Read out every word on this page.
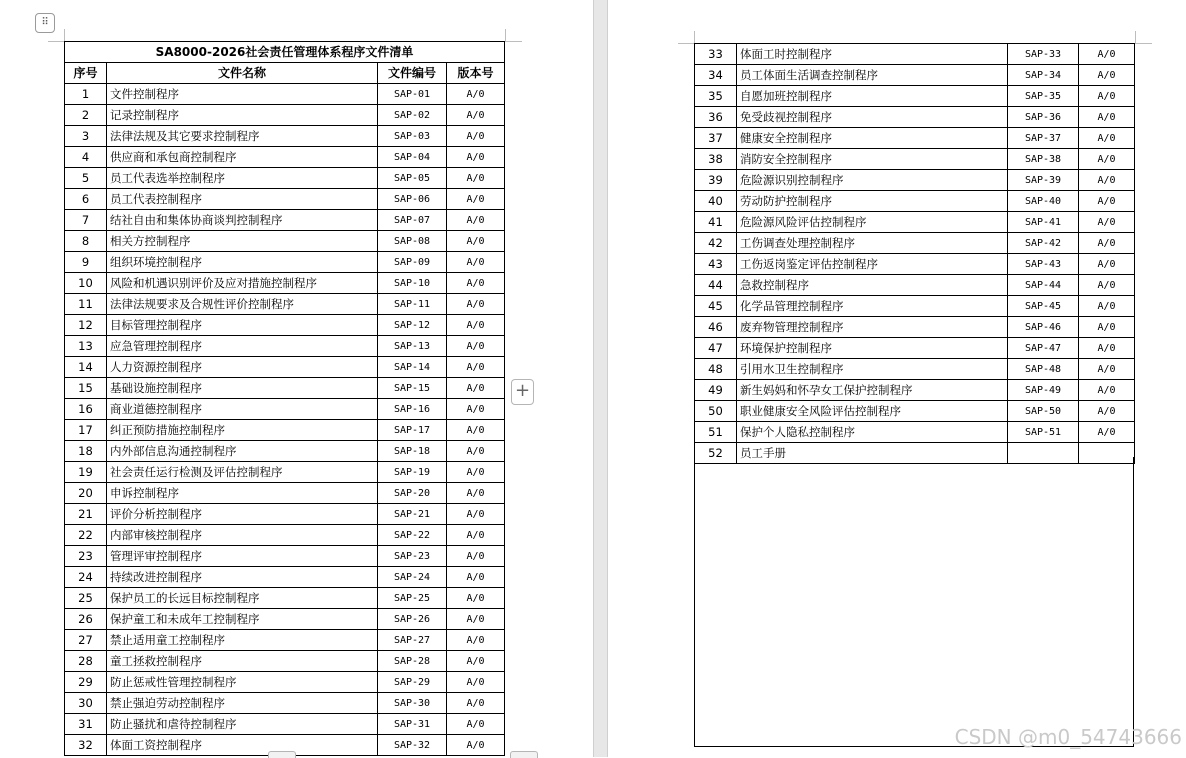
⠿
+
SA8000-2026社会责任管理体系程序文件清单			
序号	文件名称	文件编号	版本号
1	文件控制程序	SAP-01	A/0
2	记录控制程序	SAP-02	A/0
3	法律法规及其它要求控制程序	SAP-03	A/0
4	供应商和承包商控制程序	SAP-04	A/0
5	员工代表选举控制程序	SAP-05	A/0
6	员工代表控制程序	SAP-06	A/0
7	结社自由和集体协商谈判控制程序	SAP-07	A/0
8	相关方控制程序	SAP-08	A/0
9	组织环境控制程序	SAP-09	A/0
10	风险和机遇识别评价及应对措施控制程序	SAP-10	A/0
11	法律法规要求及合规性评价控制程序	SAP-11	A/0
12	目标管理控制程序	SAP-12	A/0
13	应急管理控制程序	SAP-13	A/0
14	人力资源控制程序	SAP-14	A/0
15	基础设施控制程序	SAP-15	A/0
16	商业道德控制程序	SAP-16	A/0
17	纠正预防措施控制程序	SAP-17	A/0
18	内外部信息沟通控制程序	SAP-18	A/0
19	社会责任运行检测及评估控制程序	SAP-19	A/0
20	申诉控制程序	SAP-20	A/0
21	评价分析控制程序	SAP-21	A/0
22	内部审核控制程序	SAP-22	A/0
23	管理评审控制程序	SAP-23	A/0
24	持续改进控制程序	SAP-24	A/0
25	保护员工的长远目标控制程序	SAP-25	A/0
26	保护童工和未成年工控制程序	SAP-26	A/0
27	禁止适用童工控制程序	SAP-27	A/0
28	童工拯救控制程序	SAP-28	A/0
29	防止惩戒性管理控制程序	SAP-29	A/0
30	禁止强迫劳动控制程序	SAP-30	A/0
31	防止骚扰和虐待控制程序	SAP-31	A/0
32	体面工资控制程序	SAP-32	A/0
33	体面工时控制程序	SAP-33	A/0
34	员工体面生活调查控制程序	SAP-34	A/0
35	自愿加班控制程序	SAP-35	A/0
36	免受歧视控制程序	SAP-36	A/0
37	健康安全控制程序	SAP-37	A/0
38	消防安全控制程序	SAP-38	A/0
39	危险源识别控制程序	SAP-39	A/0
40	劳动防护控制程序	SAP-40	A/0
41	危险源风险评估控制程序	SAP-41	A/0
42	工伤调查处理控制程序	SAP-42	A/0
43	工伤返岗鉴定评估控制程序	SAP-43	A/0
44	急救控制程序	SAP-44	A/0
45	化学品管理控制程序	SAP-45	A/0
46	废弃物管理控制程序	SAP-46	A/0
47	环境保护控制程序	SAP-47	A/0
48	引用水卫生控制程序	SAP-48	A/0
49	新生妈妈和怀孕女工保护控制程序	SAP-49	A/0
50	职业健康安全风险评估控制程序	SAP-50	A/0
51	保护个人隐私控制程序	SAP-51	A/0
52	员工手册		
CSDN @m0_54743666
